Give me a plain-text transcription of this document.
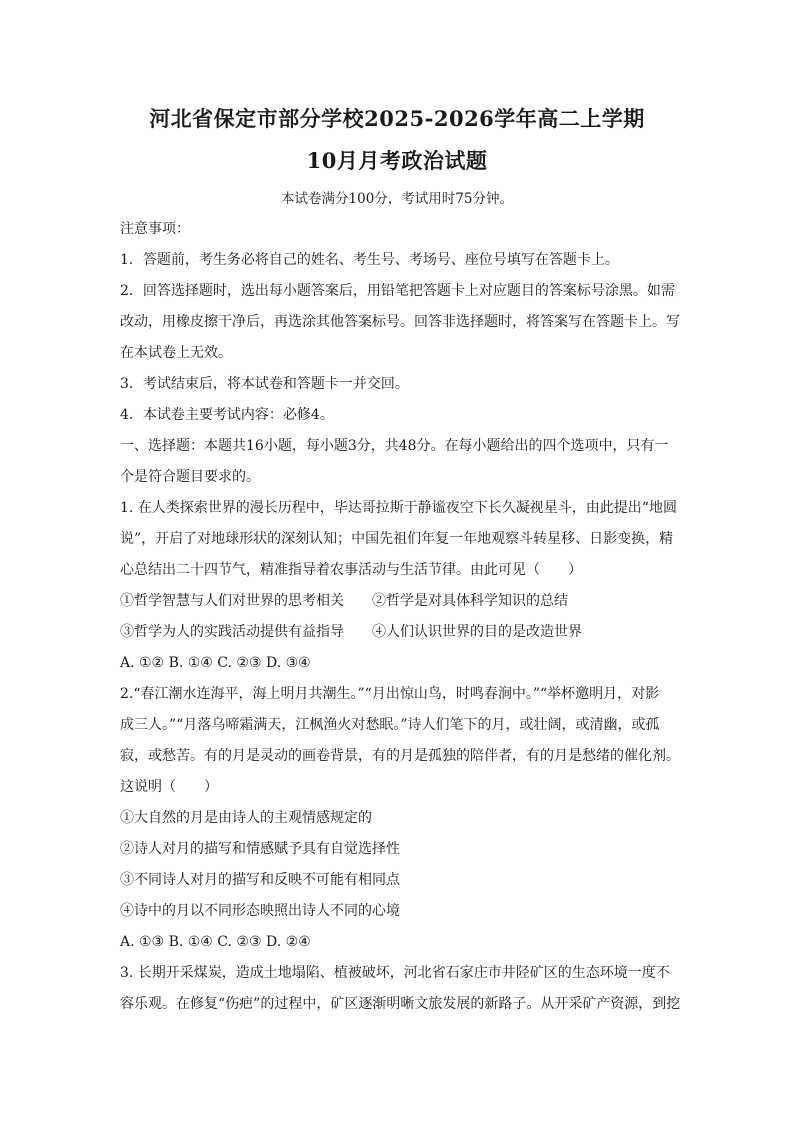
河北省保定市部分学校2025-2026学年高二上学期
10月月考政治试题
本试卷满分100分，考试用时75分钟。
注意事项：
1．答题前，考生务必将自己的姓名、考生号、考场号、座位号填写在答题卡上。
2．回答选择题时，选出每小题答案后，用铅笔把答题卡上对应题目的答案标号涂黑。如需
改动，用橡皮擦干净后，再选涂其他答案标号。回答非选择题时，将答案写在答题卡上。写
在本试卷上无效。
3．考试结束后，将本试卷和答题卡一并交回。
4．本试卷主要考试内容：必修4。
一、选择题：本题共16小题，每小题3分，共48分。在每小题给出的四个选项中，只有一
个是符合题目要求的。
1. 在人类探索世界的漫长历程中，毕达哥拉斯于静谧夜空下长久凝视星斗，由此提出“地圆
说”，开启了对地球形状的深刻认知；中国先祖们年复一年地观察斗转星移、日影变换，精
心总结出二十四节气，精准指导着农事活动与生活节律。由此可见（　　）
①哲学智慧与人们对世界的思考相关 ②哲学是对具体科学知识的总结
③哲学为人的实践活动提供有益指导 ④人们认识世界的目的是改造世界
A. ①② B. ①④ C. ②③ D. ③④
2.“春江潮水连海平，海上明月共潮生。”“月出惊山鸟，时鸣春涧中。”“举杯邀明月，对影
成三人。”“月落乌啼霜满天，江枫渔火对愁眠。”诗人们笔下的月，或壮阔，或清幽，或孤
寂，或愁苦。有的月是灵动的画卷背景，有的月是孤独的陪伴者，有的月是愁绪的催化剂。
这说明（　　）
①大自然的月是由诗人的主观情感规定的
②诗人对月的描写和情感赋予具有自觉选择性
③不同诗人对月的描写和反映不可能有相同点
④诗中的月以不同形态映照出诗人不同的心境
A. ①③ B. ①④ C. ②③ D. ②④
3. 长期开采煤炭，造成土地塌陷、植被破坏，河北省石家庄市井陉矿区的生态环境一度不
容乐观。在修复“伤疤”的过程中，矿区逐渐明晰文旅发展的新路子。从开采矿产资源，到挖
